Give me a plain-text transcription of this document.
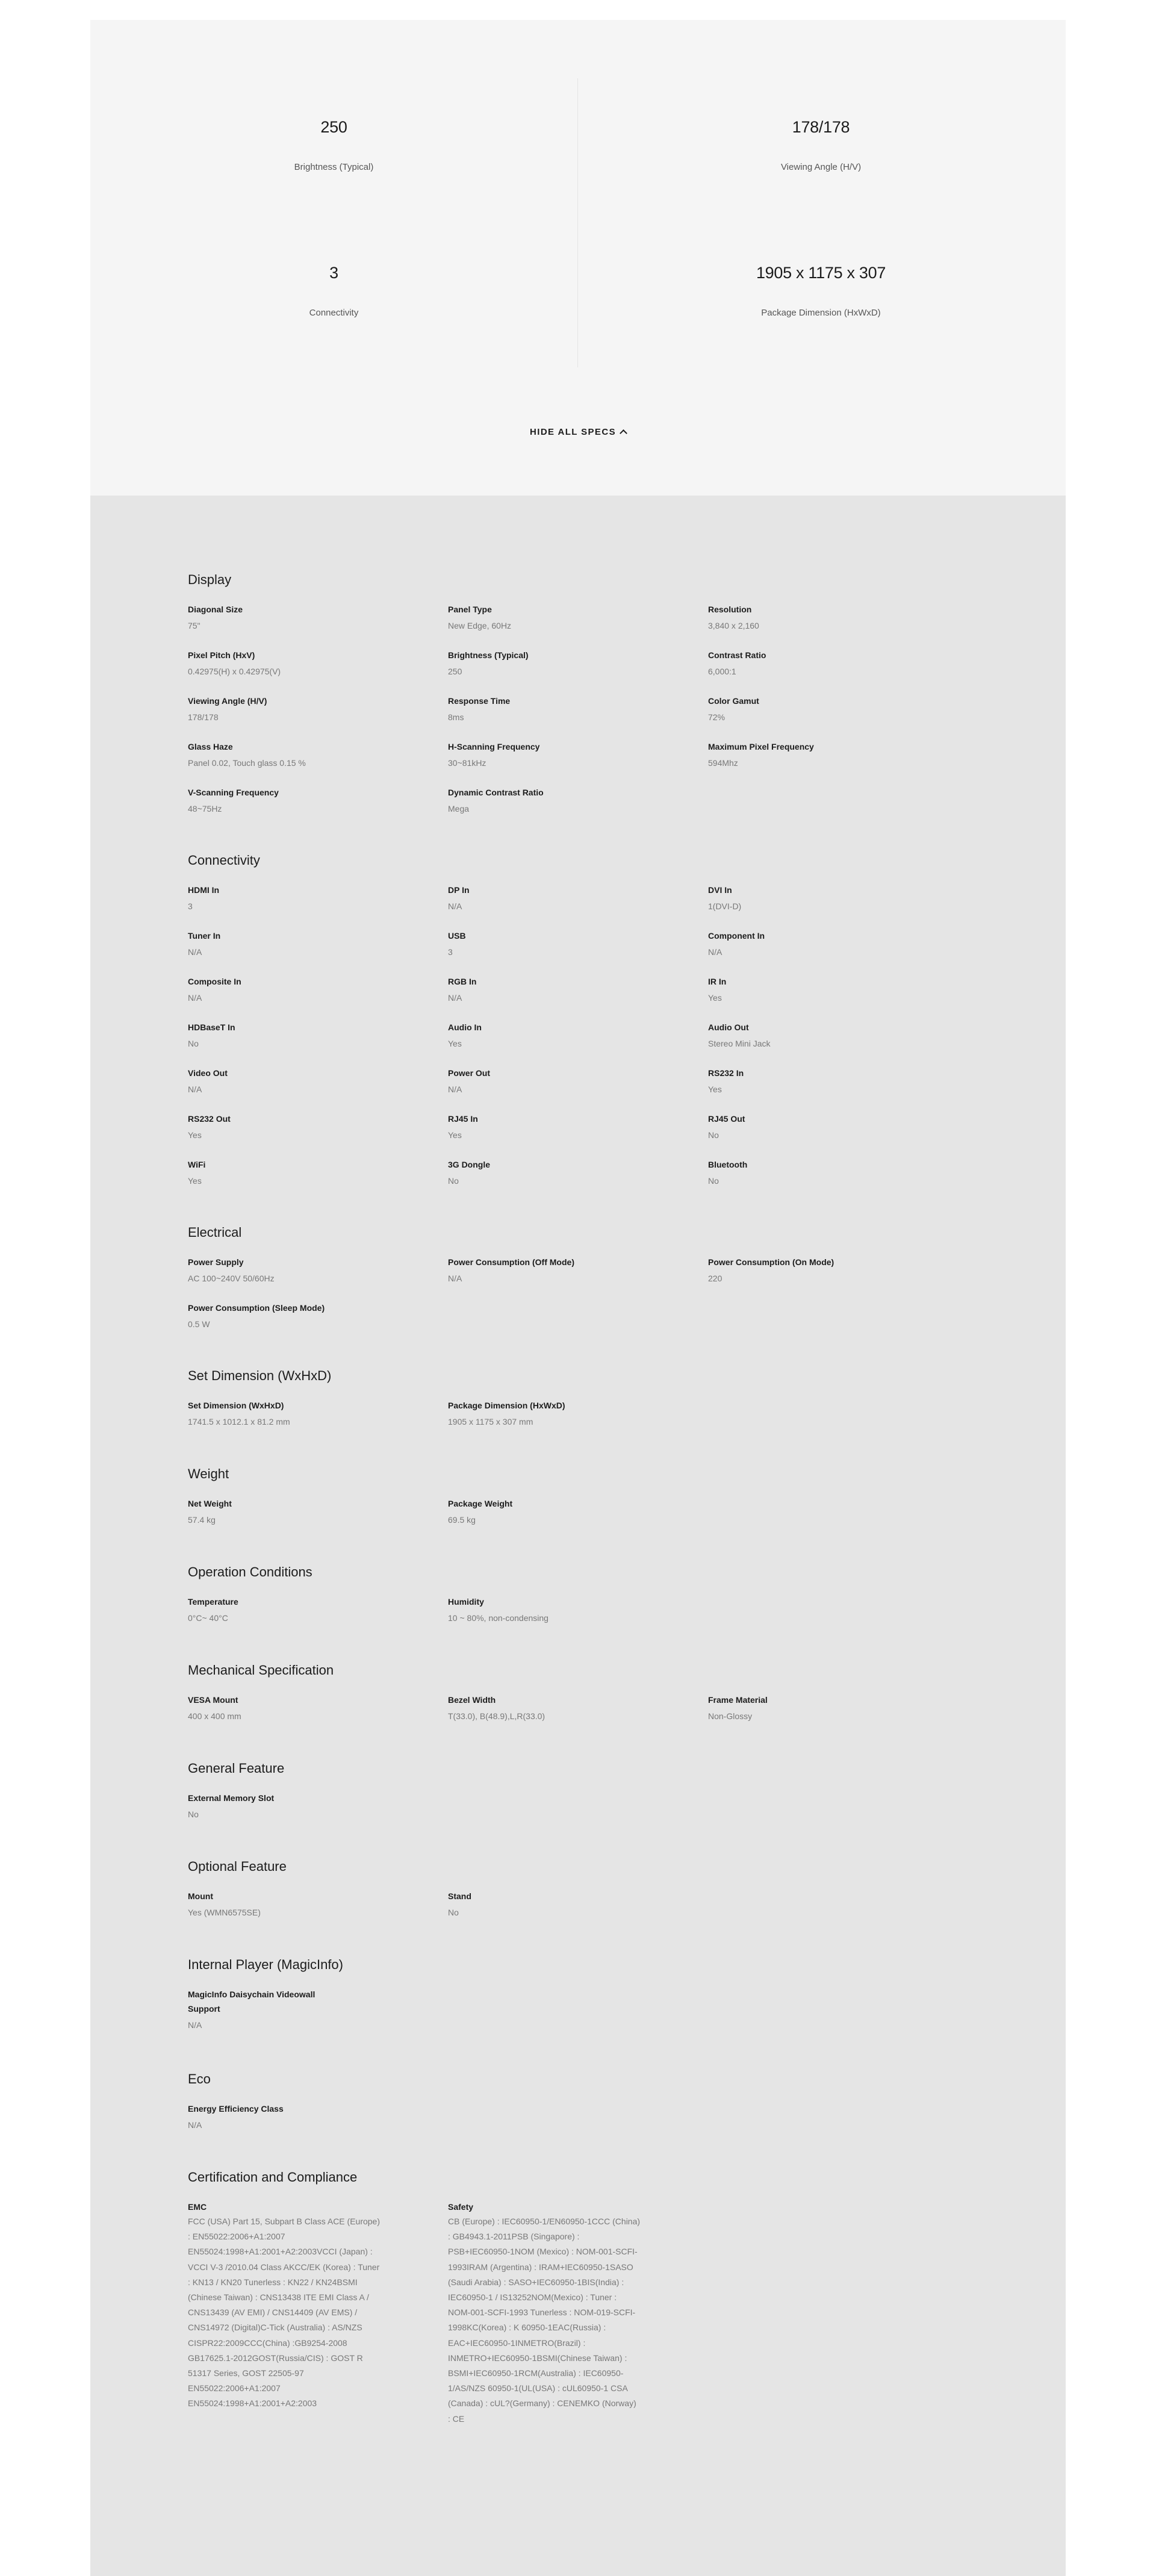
250
Brightness (Typical)
178/178
Viewing Angle (H/V)
3
Connectivity
1905 x 1175 x 307
Package Dimension (HxWxD)
HIDE ALL SPECS
Display
Diagonal Size
75"
Panel Type
New Edge, 60Hz
Resolution
3,840 x 2,160
Pixel Pitch (HxV)
0.42975(H) x 0.42975(V)
Brightness (Typical)
250
Contrast Ratio
6,000:1
Viewing Angle (H/V)
178/178
Response Time
8ms
Color Gamut
72%
Glass Haze
Panel 0.02, Touch glass 0.15 %
H-Scanning Frequency
30~81kHz
Maximum Pixel Frequency
594Mhz
V-Scanning Frequency
48~75Hz
Dynamic Contrast Ratio
Mega
Connectivity
HDMI In
3
DP In
N/A
DVI In
1(DVI-D)
Tuner In
N/A
USB
3
Component In
N/A
Composite In
N/A
RGB In
N/A
IR In
Yes
HDBaseT In
No
Audio In
Yes
Audio Out
Stereo Mini Jack
Video Out
N/A
Power Out
N/A
RS232 In
Yes
RS232 Out
Yes
RJ45 In
Yes
RJ45 Out
No
WiFi
Yes
3G Dongle
No
Bluetooth
No
Electrical
Power Supply
AC 100~240V 50/60Hz
Power Consumption (Off Mode)
N/A
Power Consumption (On Mode)
220
Power Consumption (Sleep Mode)
0.5 W
Set Dimension (WxHxD)
Set Dimension (WxHxD)
1741.5 x 1012.1 x 81.2 mm
Package Dimension (HxWxD)
1905 x 1175 x 307 mm
Weight
Net Weight
57.4 kg
Package Weight
69.5 kg
Operation Conditions
Temperature
0°C~ 40°C
Humidity
10 ~ 80%, non-condensing
Mechanical Specification
VESA Mount
400 x 400 mm
Bezel Width
T(33.0), B(48.9),L,R(33.0)
Frame Material
Non-Glossy
General Feature
External Memory Slot
No
Optional Feature
Mount
Yes (WMN6575SE)
Stand
No
Internal Player (MagicInfo)
MagicInfo Daisychain Videowall Support
N/A
Eco
Energy Efficiency Class
N/A
Certification and Compliance
EMC
FCC (USA) Part 15, Subpart B Class ACE (Europe) : EN55022:2006+A1:2007 EN55024:1998+A1:2001+A2:2003VCCI (Japan) : VCCI V-3 /2010.04 Class AKCC/EK (Korea) : Tuner : KN13 / KN20 Tunerless : KN22 / KN24BSMI (Chinese Taiwan) : CNS13438 ITE EMI Class A / CNS13439 (AV EMI) / CNS14409 (AV EMS) / CNS14972 (Digital)C-Tick (Australia) : AS/NZS CISPR22:2009CCC(China) :GB9254-2008 GB17625.1-2012GOST(Russia/CIS) : GOST R 51317 Series, GOST 22505-97 EN55022:2006+A1:2007 EN55024:1998+A1:2001+A2:2003
Safety
CB (Europe) : IEC60950-1/EN60950-1CCC (China) : GB4943.1-2011PSB (Singapore) : PSB+IEC60950-1NOM (Mexico) : NOM-001-SCFI-1993IRAM (Argentina) : IRAM+IEC60950-1SASO (Saudi Arabia) : SASO+IEC60950-1BIS(India) : IEC60950-1 / IS13252NOM(Mexico) : Tuner : NOM-001-SCFI-1993 Tunerless : NOM-019-SCFI-1998KC(Korea) : K 60950-1EAC(Russia) : EAC+IEC60950-1INMETRO(Brazil) : INMETRO+IEC60950-1BSMI(Chinese Taiwan) : BSMI+IEC60950-1RCM(Australia) : IEC60950-1/AS/NZS 60950-1(UL(USA) : cUL60950-1 CSA (Canada) : cUL?(Germany) : CENEMKO (Norway) : CE
